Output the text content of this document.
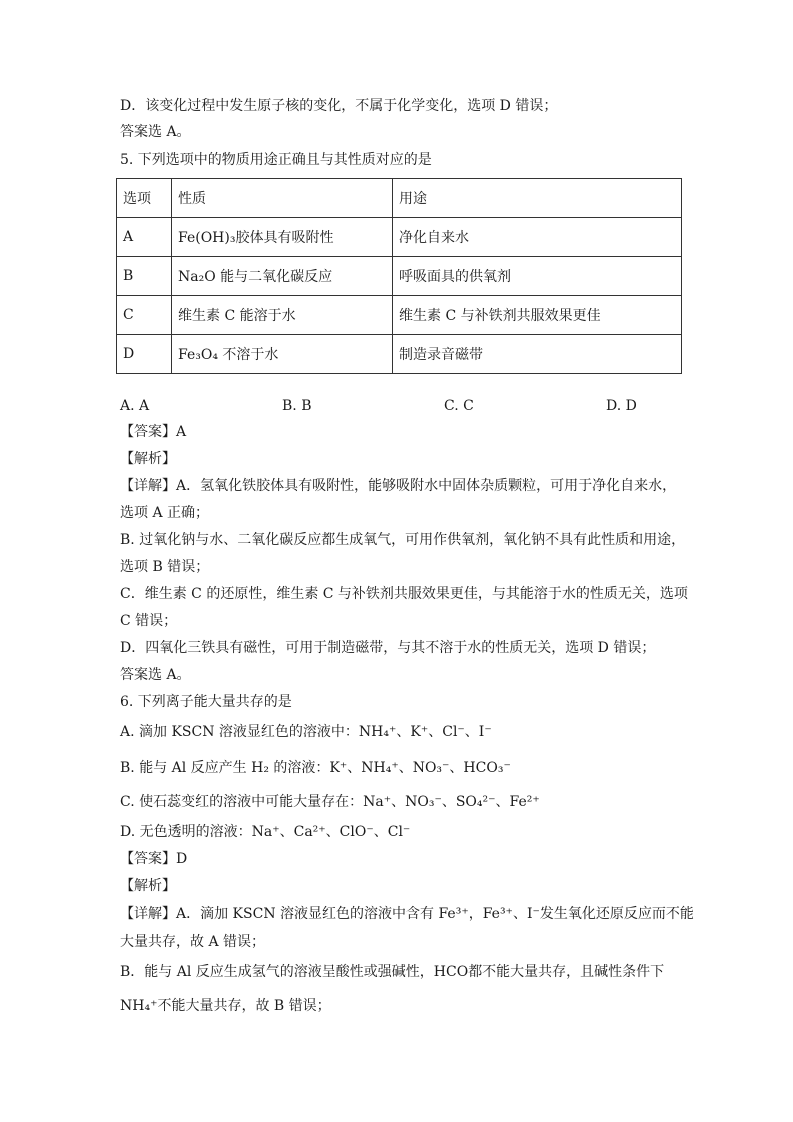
D．该变化过程中发生原子核的变化，不属于化学变化，选项 D 错误；
答案选 A。
5. 下列选项中的物质用途正确且与其性质对应的是
选项	性质	用途
A	Fe(OH)₃胶体具有吸附性	净化自来水
B	Na₂O 能与二氧化碳反应	呼吸面具的供氧剂
C	维生素 C 能溶于水	维生素 C 与补铁剂共服效果更佳
D	Fe₃O₄ 不溶于水	制造录音磁带
A. A	B. B	C. C	D. D
【答案】A
【解析】
【详解】A．氢氧化铁胶体具有吸附性，能够吸附水中固体杂质颗粒，可用于净化自来水，
选项 A 正确；
B. 过氧化钠与水、二氧化碳反应都生成氧气，可用作供氧剂，氧化钠不具有此性质和用途，
选项 B 错误；
C．维生素 C 的还原性，维生素 C 与补铁剂共服效果更佳，与其能溶于水的性质无关，选项
C 错误；
D．四氧化三铁具有磁性，可用于制造磁带，与其不溶于水的性质无关，选项 D 错误；
答案选 A。
6. 下列离子能大量共存的是
A. 滴加 KSCN 溶液显红色的溶液中：NH₄⁺、K⁺、Cl⁻、I⁻
B. 能与 Al 反应产生 H₂ 的溶液：K⁺、NH₄⁺、NO₃⁻、HCO₃⁻
C. 使石蕊变红的溶液中可能大量存在：Na⁺、NO₃⁻、SO₄²⁻、Fe²⁺
D. 无色透明的溶液：Na⁺、Ca²⁺、ClO⁻、Cl⁻
【答案】D
【解析】
【详解】A．滴加 KSCN 溶液显红色的溶液中含有 Fe³⁺，Fe³⁺、I⁻发生氧化还原反应而不能
大量共存，故 A 错误；
B．能与 Al 反应生成氢气的溶液呈酸性或强碱性，HCO都不能大量共存，且碱性条件下
NH₄⁺不能大量共存，故 B 错误；
